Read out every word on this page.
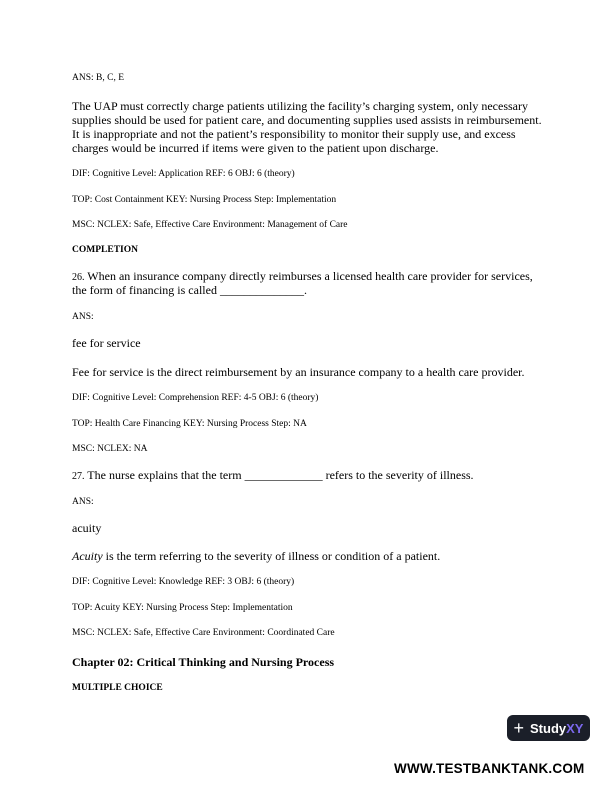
ANS: B, C, E

The UAP must correctly charge patients utilizing the facility’s charging system, only necessary supplies should be used for patient care, and documenting supplies used assists in reimbursement. It is inappropriate and not the patient’s responsibility to monitor their supply use, and excess charges would be incurred if items were given to the patient upon discharge.

DIF: Cognitive Level: Application REF: 6 OBJ: 6 (theory)

TOP: Cost Containment KEY: Nursing Process Step: Implementation

MSC: NCLEX: Safe, Effective Care Environment: Management of Care

COMPLETION

26. When an insurance company directly reimburses a licensed health care provider for services,

the form of financing is called ______________.

ANS:

fee for service

Fee for service is the direct reimbursement by an insurance company to a health care provider.

DIF: Cognitive Level: Comprehension REF: 4-5 OBJ: 6 (theory)

TOP: Health Care Financing KEY: Nursing Process Step: NA

MSC: NCLEX: NA

27. The nurse explains that the term _____________ refers to the severity of illness.

ANS:

acuity

Acuity is the term referring to the severity of illness or condition of a patient.

DIF: Cognitive Level: Knowledge REF: 3 OBJ: 6 (theory)

TOP: Acuity KEY: Nursing Process Step: Implementation

MSC: NCLEX: Safe, Effective Care Environment: Coordinated Care

Chapter 02: Critical Thinking and Nursing Process

MULTIPLE CHOICE

+ StudyXY
WWW.TESTBANKTANK.COM
